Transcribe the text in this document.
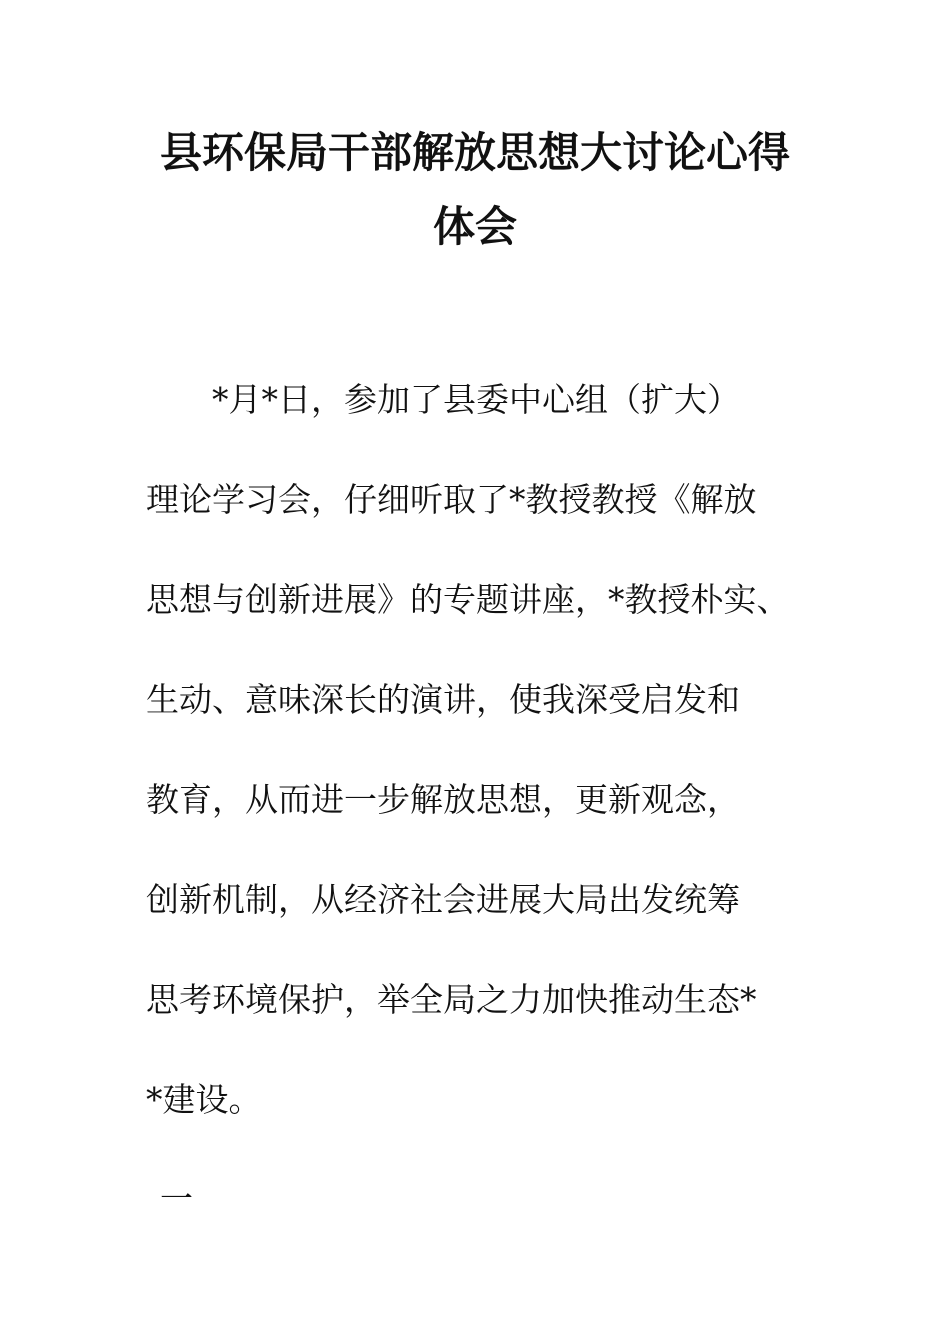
县环保局干部解放思想大讨论心得
体会

*月*日，参加了县委中心组（扩大）

理论学习会，仔细听取了*教授教授《解放

思想与创新进展》的专题讲座，*教授朴实、

生动、意味深长的演讲，使我深受启发和

教育，从而进一步解放思想，更新观念，

创新机制，从经济社会进展大局出发统筹

思考环境保护，举全局之力加快推动生态*

*建设。

一
